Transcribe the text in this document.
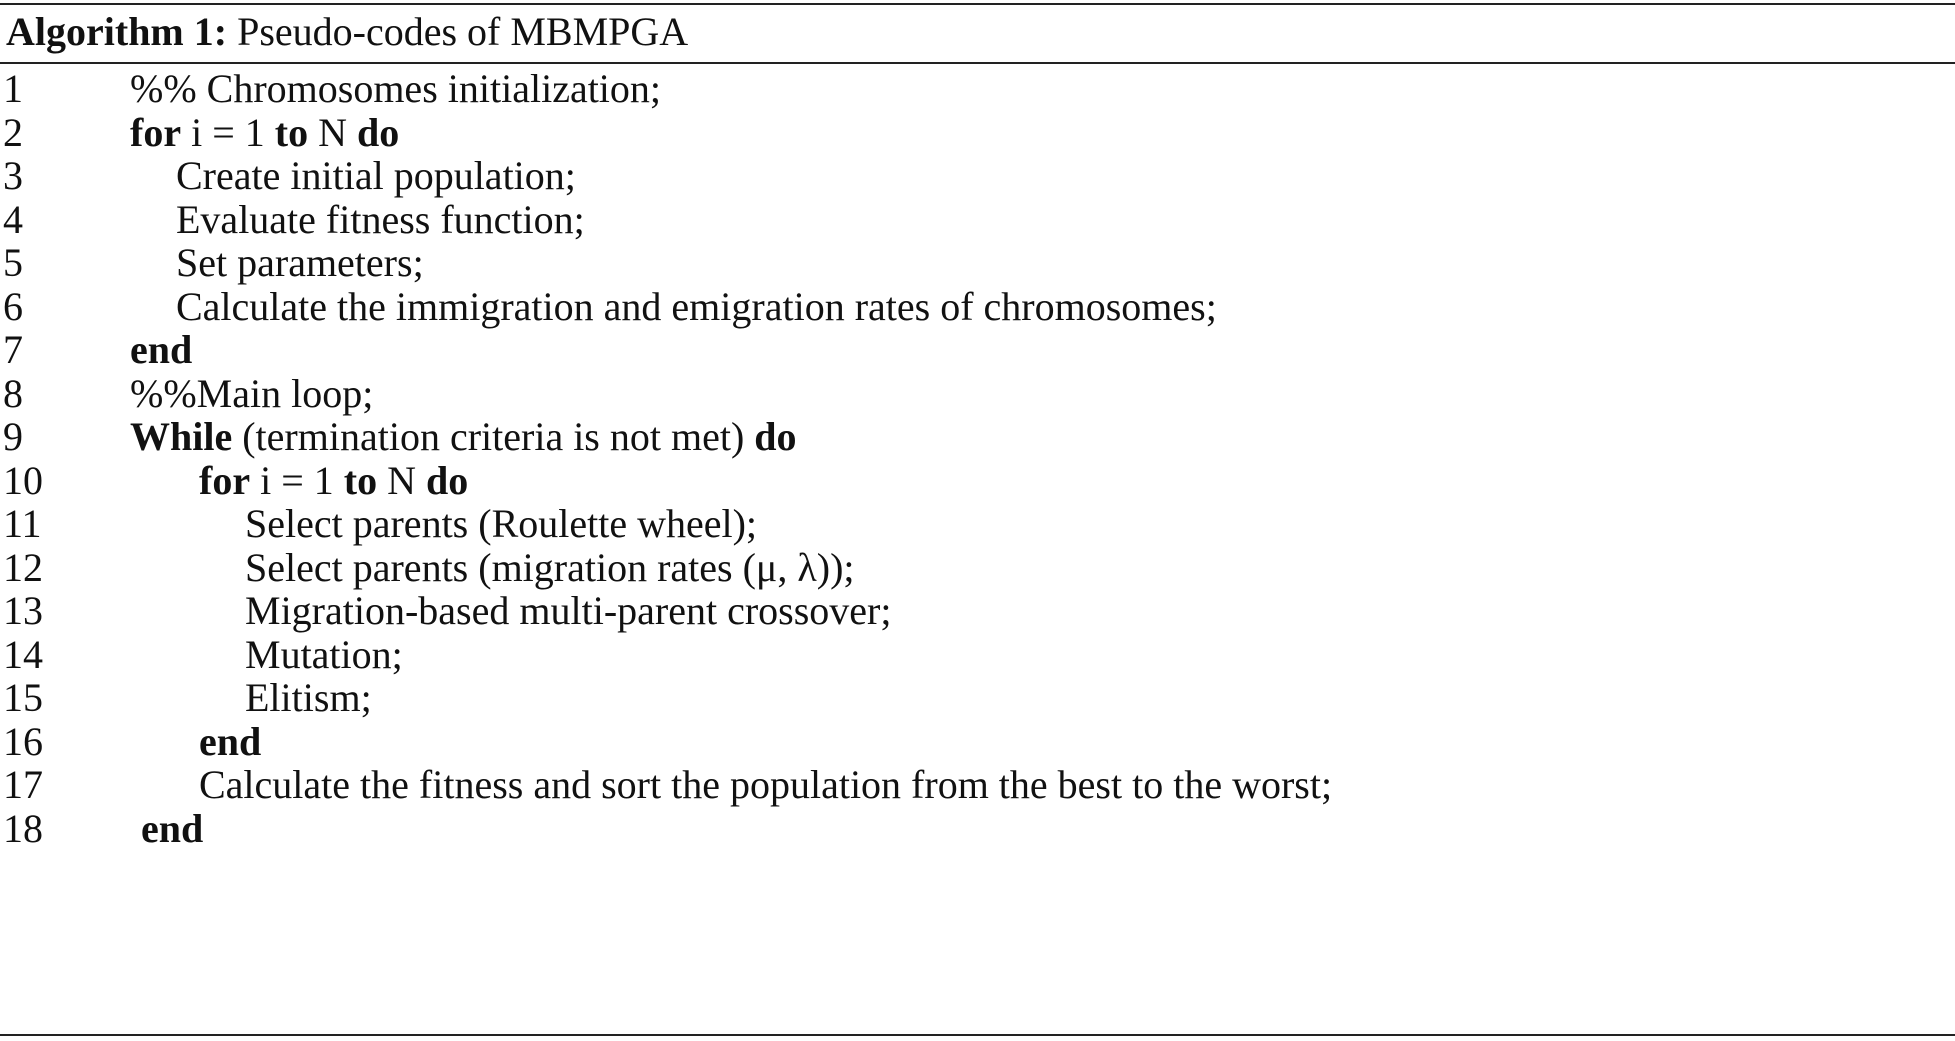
Algorithm 1: Pseudo-codes of MBMPGA
1	%% Chromosomes initialization;
2	for i = 1 to N do
3	Create initial population;
4	Evaluate fitness function;
5	Set parameters;
6	Calculate the immigration and emigration rates of chromosomes;
7	end
8	%%Main loop;
9	While (termination criteria is not met) do
10	for i = 1 to N do
11	Select parents (Roulette wheel);
12	Select parents (migration rates (μ, λ));
13	Migration-based multi-parent crossover;
14	Mutation;
15	Elitism;
16	end
17	Calculate the fitness and sort the population from the best to the worst;
18 end
